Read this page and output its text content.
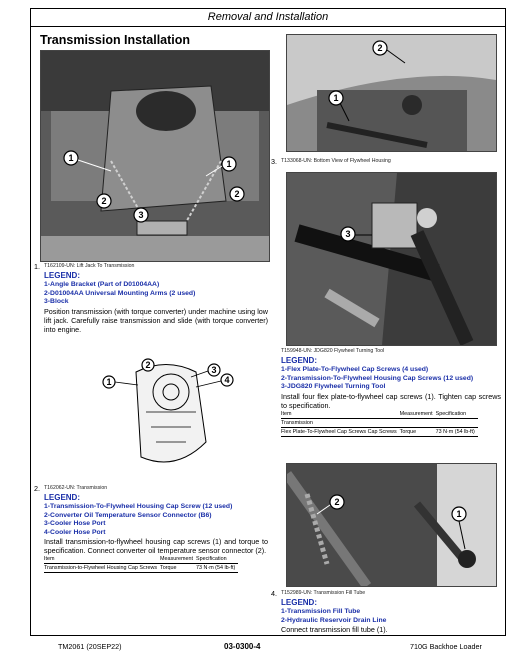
Removal and Installation
Transmission Installation
1
1
2
2
3
1. T162109-UN: Lift Jack To Transmission
LEGEND:
1-Angle Bracket (Part of D01004AA)
2-D01004AA Universal Mounting Arms (2 used)
3-Block
Position transmission (with torque converter) under machine using low lift jack. Carefully raise transmission and slide (with torque converter) into engine.
1
2	3
4
2. T162062-UN: Transmission
LEGEND:
1-Transmission-To-Flywheel Housing Cap Screw (12 used)
2-Converter Oil Temperature Sensor Connector (B6)
3-Cooler Hose Port
4-Cooler Hose Port
Install transmission-to-flywheel housing cap screws (1) and torque to specification. Connect converter oil temperature sensor connector (2).
Item	Measurement	Specification
Transmission-to-Flywheel Housing Cap Screws	Torque	73 N·m (54 lb-ft)
2
1
3. T133068-UN: Bottom View of Flywheel Housing
3
T159948-UN: JDG820 Flywheel Turning Tool
LEGEND:
1-Flex Plate-To-Flywheel Cap Screws (4 used)
2-Transmission-To-Flywheel Housing Cap Screws (12 used)
3-JDG820 Flywheel Turning Tool
Install four flex plate-to-flywheel cap screws (1). Tighten cap screws to specification.
Item	Measurement	Specification
Transmission		
Flex Plate-To-Flywheel Cap Screws Cap Screws	Torque	73 N·m (54 lb-ft)
2
1
4. T152989-UN: Transmission Fill Tube
LEGEND:
1-Transmission Fill Tube
2-Hydraulic Reservoir Drain Line
Connect transmission fill tube (1).
TM2061 (20SEP22)	03-0300-4	710G Backhoe Loader
